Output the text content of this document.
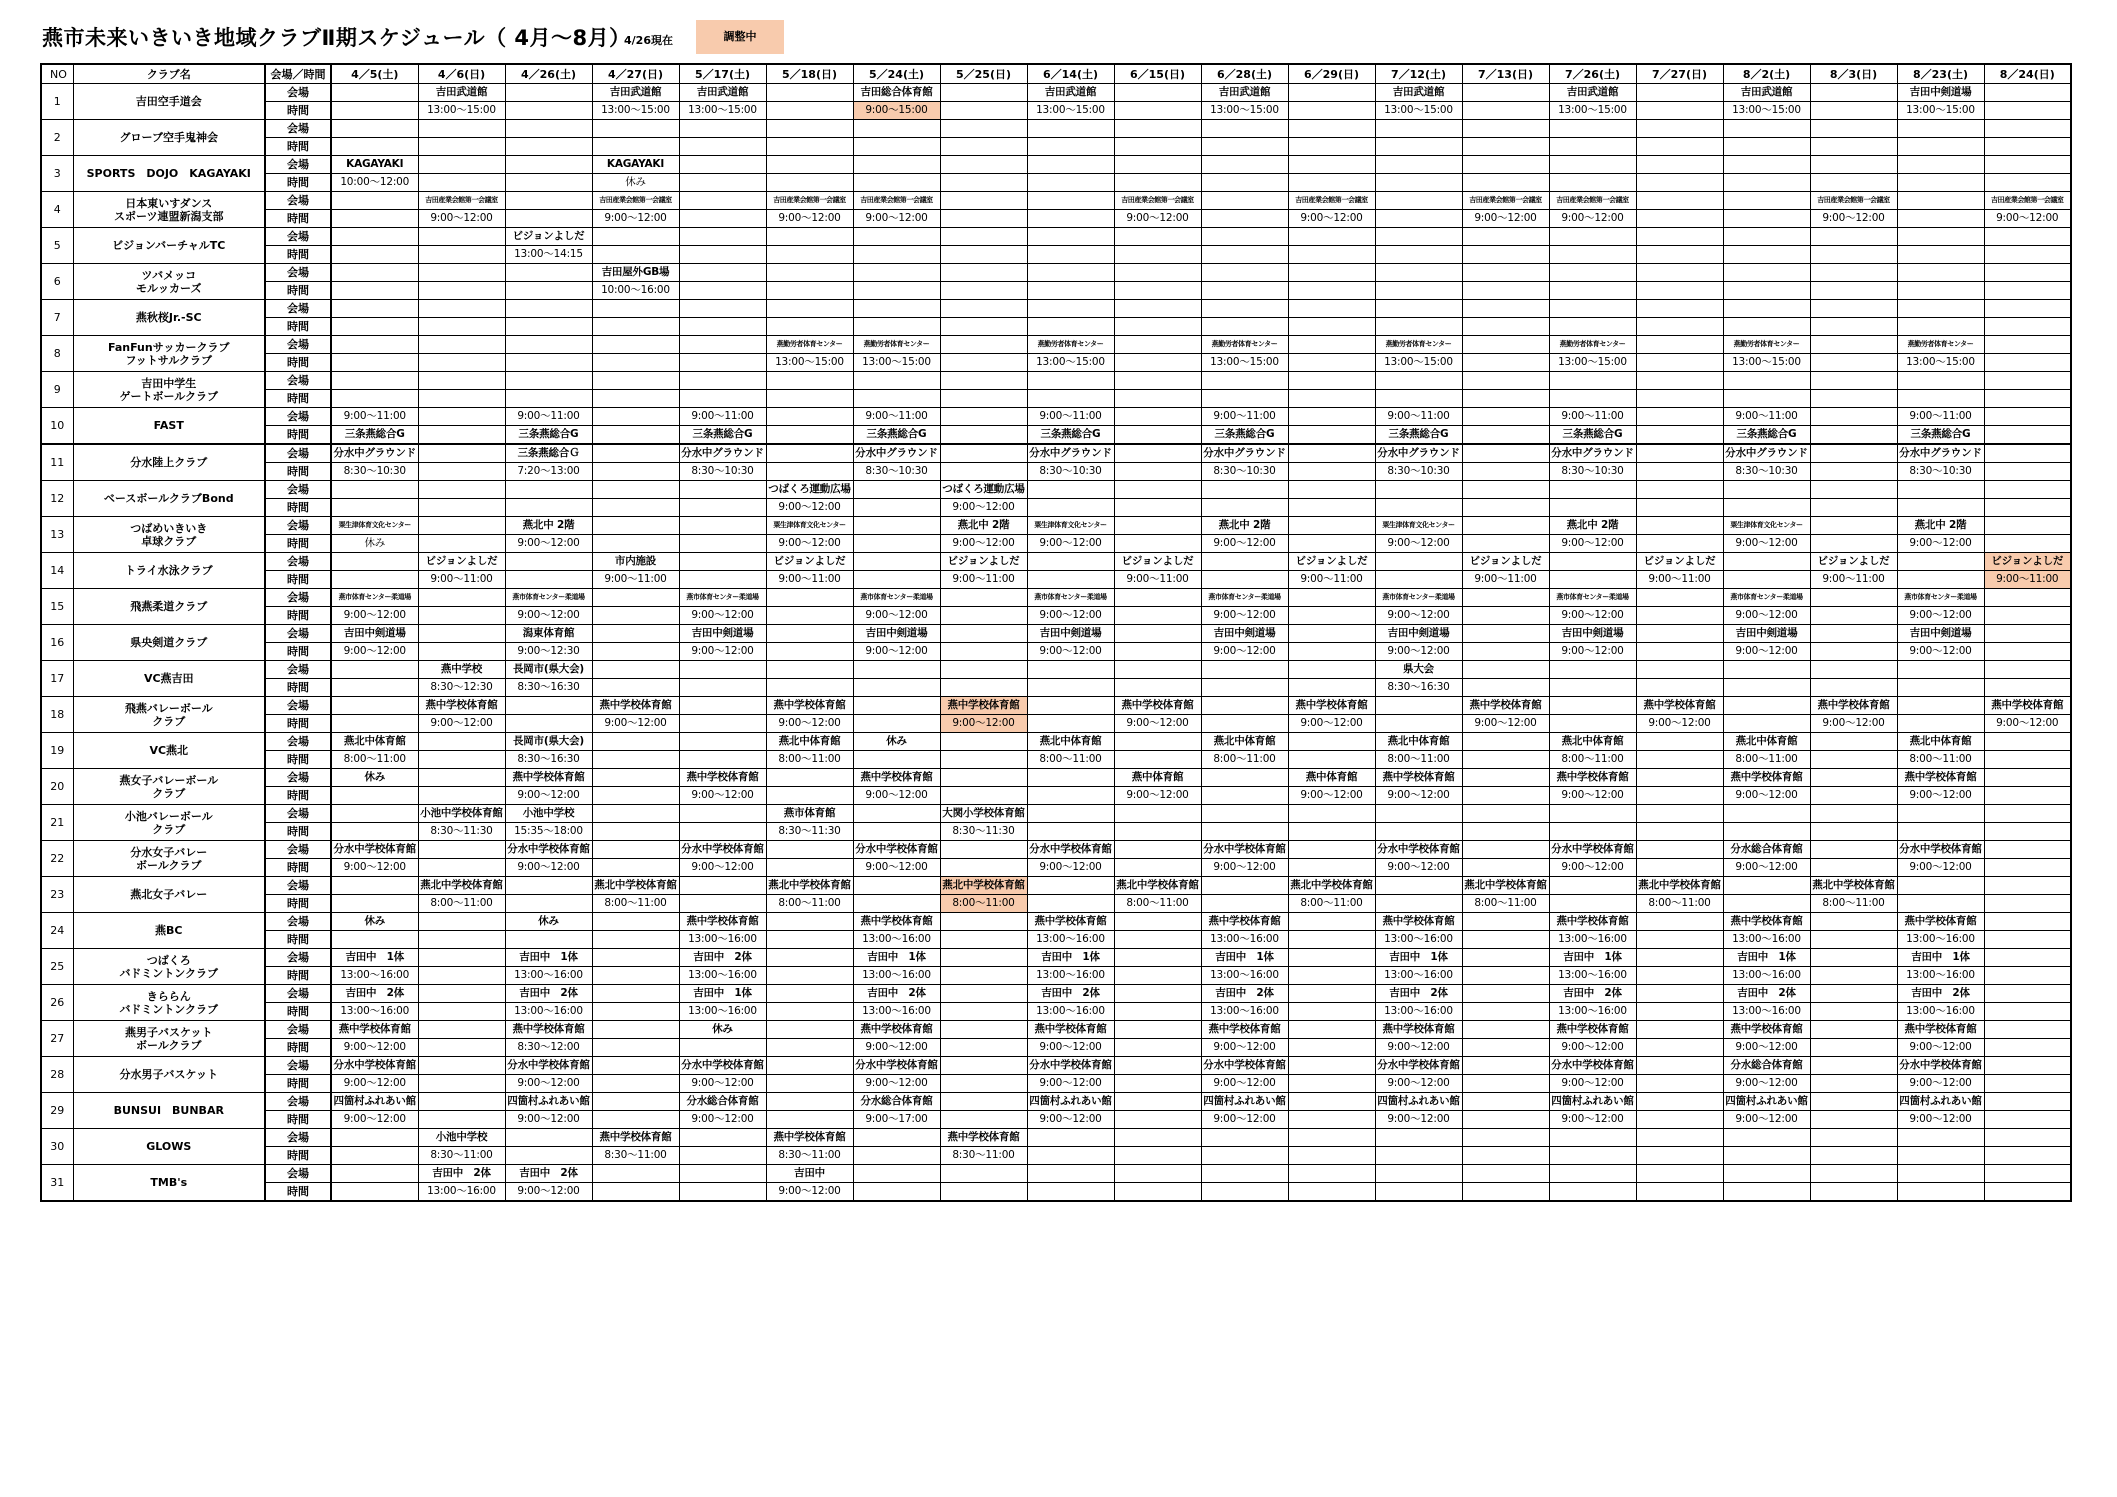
燕市未来いきいき地域クラブⅡ期スケジュール（ 4月～8月）
4/26現在	調整中
NO	クラブ名	会場／時間	4／5(土)	4／6(日)	4／26(土)	4／27(日)	5／17(土)	5／18(日)	5／24(土)	5／25(日)	6／14(土)	6／15(日)	6／28(土)	6／29(日)	7／12(土)	7／13(日)	7／26(土)	7／27(日)	8／2(土)	8／3(日)	8／23(土)	8／24(日)
1	吉田空手道会	会場		吉田武道館		吉田武道館	吉田武道館		吉田総合体育館		吉田武道館		吉田武道館		吉田武道館		吉田武道館		吉田武道館		吉田中剣道場	
		時間		13:00～15:00		13:00～15:00	13:00～15:00		9:00～15:00		13:00～15:00		13:00～15:00		13:00～15:00		13:00～15:00		13:00～15:00		13:00～15:00	
2	グローブ空手鬼神会	会場																				
		時間																				
3	SPORTS　DOJO　KAGAYAKI	会場	KAGAYAKI			KAGAYAKI																
		時間	10:00～12:00			休み																
4	日本東いすダンス
スポーツ連盟新潟支部	会場		吉田産業会館第一会議室		吉田産業会館第一会議室		吉田産業会館第一会議室	吉田産業会館第一会議室			吉田産業会館第一会議室		吉田産業会館第一会議室		吉田産業会館第一会議室	吉田産業会館第一会議室			吉田産業会館第一会議室		吉田産業会館第一会議室
		時間		9:00～12:00		9:00～12:00		9:00～12:00	9:00～12:00			9:00～12:00		9:00～12:00		9:00～12:00	9:00～12:00			9:00～12:00		9:00～12:00
5	ビジョンバーチャルTC	会場			ビジョンよしだ																	
		時間			13:00～14:15																	
6	ツバメッコ
モルッカーズ	会場				吉田屋外GB場																
		時間				10:00～16:00																
7	燕秋桜Jr.-SC	会場																				
		時間																				
8	FanFunサッカークラブ
フットサルクラブ	会場						燕勤労者体育センター	燕勤労者体育センター		燕勤労者体育センター		燕勤労者体育センター		燕勤労者体育センター		燕勤労者体育センター		燕勤労者体育センター		燕勤労者体育センター	
		時間						13:00～15:00	13:00～15:00		13:00～15:00		13:00～15:00		13:00～15:00		13:00～15:00		13:00～15:00		13:00～15:00	
9	吉田中学生
ゲートボールクラブ	会場																				
		時間																				
10	FAST	会場	9:00～11:00		9:00～11:00		9:00～11:00		9:00～11:00		9:00～11:00		9:00～11:00		9:00～11:00		9:00～11:00		9:00～11:00		9:00～11:00	
		時間	三条燕総合G		三条燕総合G		三条燕総合G		三条燕総合G		三条燕総合G		三条燕総合G		三条燕総合G		三条燕総合G		三条燕総合G		三条燕総合G	
11	分水陸上クラブ	会場	分水中グラウンド		三条燕総合Ｇ		分水中グラウンド		分水中グラウンド		分水中グラウンド		分水中グラウンド		分水中グラウンド		分水中グラウンド		分水中グラウンド		分水中グラウンド	
		時間	8:30～10:30		7:20～13:00		8:30～10:30		8:30～10:30		8:30～10:30		8:30～10:30		8:30～10:30		8:30～10:30		8:30～10:30		8:30～10:30	
12	ベースボールクラブBond	会場						つばくろ運動広場		つばくろ運動広場												
		時間						9:00～12:00		9:00～12:00												
13	つばめいきいき
卓球クラブ	会場	粟生津体育文化センター		燕北中 2階			粟生津体育文化センター		燕北中 2階	粟生津体育文化センター		燕北中 2階		粟生津体育文化センター		燕北中 2階		粟生津体育文化センター		燕北中 2階	
		時間	休み		9:00～12:00			9:00～12:00		9:00～12:00	9:00～12:00		9:00～12:00		9:00～12:00		9:00～12:00		9:00～12:00		9:00～12:00	
14	トライ水泳クラブ	会場		ビジョンよしだ		市内施設		ビジョンよしだ		ビジョンよしだ		ビジョンよしだ		ビジョンよしだ		ビジョンよしだ		ビジョンよしだ		ビジョンよしだ		ビジョンよしだ
		時間		9:00～11:00		9:00～11:00		9:00～11:00		9:00～11:00		9:00～11:00		9:00～11:00		9:00～11:00		9:00～11:00		9:00～11:00		9:00～11:00
15	飛燕柔道クラブ	会場	燕市体育センター柔道場		燕市体育センター柔道場		燕市体育センター柔道場		燕市体育センター柔道場		燕市体育センター柔道場		燕市体育センター柔道場		燕市体育センター柔道場		燕市体育センター柔道場		燕市体育センター柔道場		燕市体育センター柔道場	
		時間	9:00～12:00		9:00～12:00		9:00～12:00		9:00～12:00		9:00～12:00		9:00～12:00		9:00～12:00		9:00～12:00		9:00～12:00		9:00～12:00	
16	県央剣道クラブ	会場	吉田中剣道場		潟東体育館		吉田中剣道場		吉田中剣道場		吉田中剣道場		吉田中剣道場		吉田中剣道場		吉田中剣道場		吉田中剣道場		吉田中剣道場	
		時間	9:00～12:00		9:00～12:30		9:00～12:00		9:00～12:00		9:00～12:00		9:00～12:00		9:00～12:00		9:00～12:00		9:00～12:00		9:00～12:00	
17	VC燕吉田	会場		燕中学校	長岡市(県大会)										県大会							
		時間		8:30～12:30	8:30～16:30										8:30～16:30							
18	飛燕バレーボール
クラブ	会場		燕中学校体育館		燕中学校体育館		燕中学校体育館		燕中学校体育館		燕中学校体育館		燕中学校体育館		燕中学校体育館		燕中学校体育館		燕中学校体育館		燕中学校体育館
		時間		9:00～12:00		9:00～12:00		9:00～12:00		9:00～12:00		9:00～12:00		9:00～12:00		9:00～12:00		9:00～12:00		9:00～12:00		9:00～12:00
19	VC燕北	会場	燕北中体育館		長岡市(県大会)			燕北中体育館	休み		燕北中体育館		燕北中体育館		燕北中体育館		燕北中体育館		燕北中体育館		燕北中体育館	
		時間	8:00～11:00		8:30～16:30			8:00～11:00			8:00～11:00		8:00～11:00		8:00～11:00		8:00～11:00		8:00～11:00		8:00～11:00	
20	燕女子バレーボール
クラブ	会場	休み		燕中学校体育館		燕中学校体育館		燕中学校体育館			燕中体育館		燕中体育館	燕中学校体育館		燕中学校体育館		燕中学校体育館		燕中学校体育館	
		時間			9:00～12:00		9:00～12:00		9:00～12:00			9:00～12:00		9:00～12:00	9:00～12:00		9:00～12:00		9:00～12:00		9:00～12:00	
21	小池バレーボール
クラブ	会場		小池中学校体育館	小池中学校			燕市体育館		大関小学校体育館												
		時間		8:30～11:30	15:35～18:00			8:30～11:30		8:30～11:30												
22	分水女子バレー
ボールクラブ	会場	分水中学校体育館		分水中学校体育館		分水中学校体育館		分水中学校体育館		分水中学校体育館		分水中学校体育館		分水中学校体育館		分水中学校体育館		分水総合体育館		分水中学校体育館	
		時間	9:00～12:00		9:00～12:00		9:00～12:00		9:00～12:00		9:00～12:00		9:00～12:00		9:00～12:00		9:00～12:00		9:00～12:00		9:00～12:00	
23	燕北女子バレー	会場		燕北中学校体育館		燕北中学校体育館		燕北中学校体育館		燕北中学校体育館		燕北中学校体育館		燕北中学校体育館		燕北中学校体育館		燕北中学校体育館		燕北中学校体育館		
		時間		8:00～11:00		8:00～11:00		8:00～11:00		8:00～11:00		8:00～11:00		8:00～11:00		8:00～11:00		8:00～11:00		8:00～11:00		
24	燕BC	会場	休み		休み		燕中学校体育館		燕中学校体育館		燕中学校体育館		燕中学校体育館		燕中学校体育館		燕中学校体育館		燕中学校体育館		燕中学校体育館	
		時間					13:00～16:00		13:00～16:00		13:00～16:00		13:00～16:00		13:00～16:00		13:00～16:00		13:00～16:00		13:00～16:00	
25	つばくろ
バドミントンクラブ	会場	吉田中　1体		吉田中　1体		吉田中　2体		吉田中　1体		吉田中　1体		吉田中　1体		吉田中　1体		吉田中　1体		吉田中　1体		吉田中　1体	
		時間	13:00～16:00		13:00～16:00		13:00～16:00		13:00～16:00		13:00～16:00		13:00～16:00		13:00～16:00		13:00～16:00		13:00～16:00		13:00～16:00	
26	きららん
バドミントンクラブ	会場	吉田中　2体		吉田中　2体		吉田中　1体		吉田中　2体		吉田中　2体		吉田中　2体		吉田中　2体		吉田中　2体		吉田中　2体		吉田中　2体	
		時間	13:00～16:00		13:00～16:00		13:00～16:00		13:00～16:00		13:00～16:00		13:00～16:00		13:00～16:00		13:00～16:00		13:00～16:00		13:00～16:00	
27	燕男子バスケット
ボールクラブ	会場	燕中学校体育館		燕中学校体育館		休み		燕中学校体育館		燕中学校体育館		燕中学校体育館		燕中学校体育館		燕中学校体育館		燕中学校体育館		燕中学校体育館	
		時間	9:00～12:00		8:30～12:00				9:00～12:00		9:00～12:00		9:00～12:00		9:00～12:00		9:00～12:00		9:00～12:00		9:00～12:00	
28	分水男子バスケット	会場	分水中学校体育館		分水中学校体育館		分水中学校体育館		分水中学校体育館		分水中学校体育館		分水中学校体育館		分水中学校体育館		分水中学校体育館		分水総合体育館		分水中学校体育館	
		時間	9:00～12:00		9:00～12:00		9:00～12:00		9:00～12:00		9:00～12:00		9:00～12:00		9:00～12:00		9:00～12:00		9:00～12:00		9:00～12:00	
29	BUNSUI　BUNBAR	会場	四箇村ふれあい館		四箇村ふれあい館		分水総合体育館		分水総合体育館		四箇村ふれあい館		四箇村ふれあい館		四箇村ふれあい館		四箇村ふれあい館		四箇村ふれあい館		四箇村ふれあい館	
		時間	9:00～12:00		9:00～12:00		9:00～12:00		9:00～17:00		9:00～12:00		9:00～12:00		9:00～12:00		9:00～12:00		9:00～12:00		9:00～12:00	
30	GLOWS	会場		小池中学校		燕中学校体育館		燕中学校体育館		燕中学校体育館												
		時間		8:30～11:00		8:30～11:00		8:30～11:00		8:30～11:00												
31	TMB's	会場		吉田中　2体	吉田中　2体			吉田中														
		時間		13:00～16:00	9:00～12:00			9:00～12:00														
